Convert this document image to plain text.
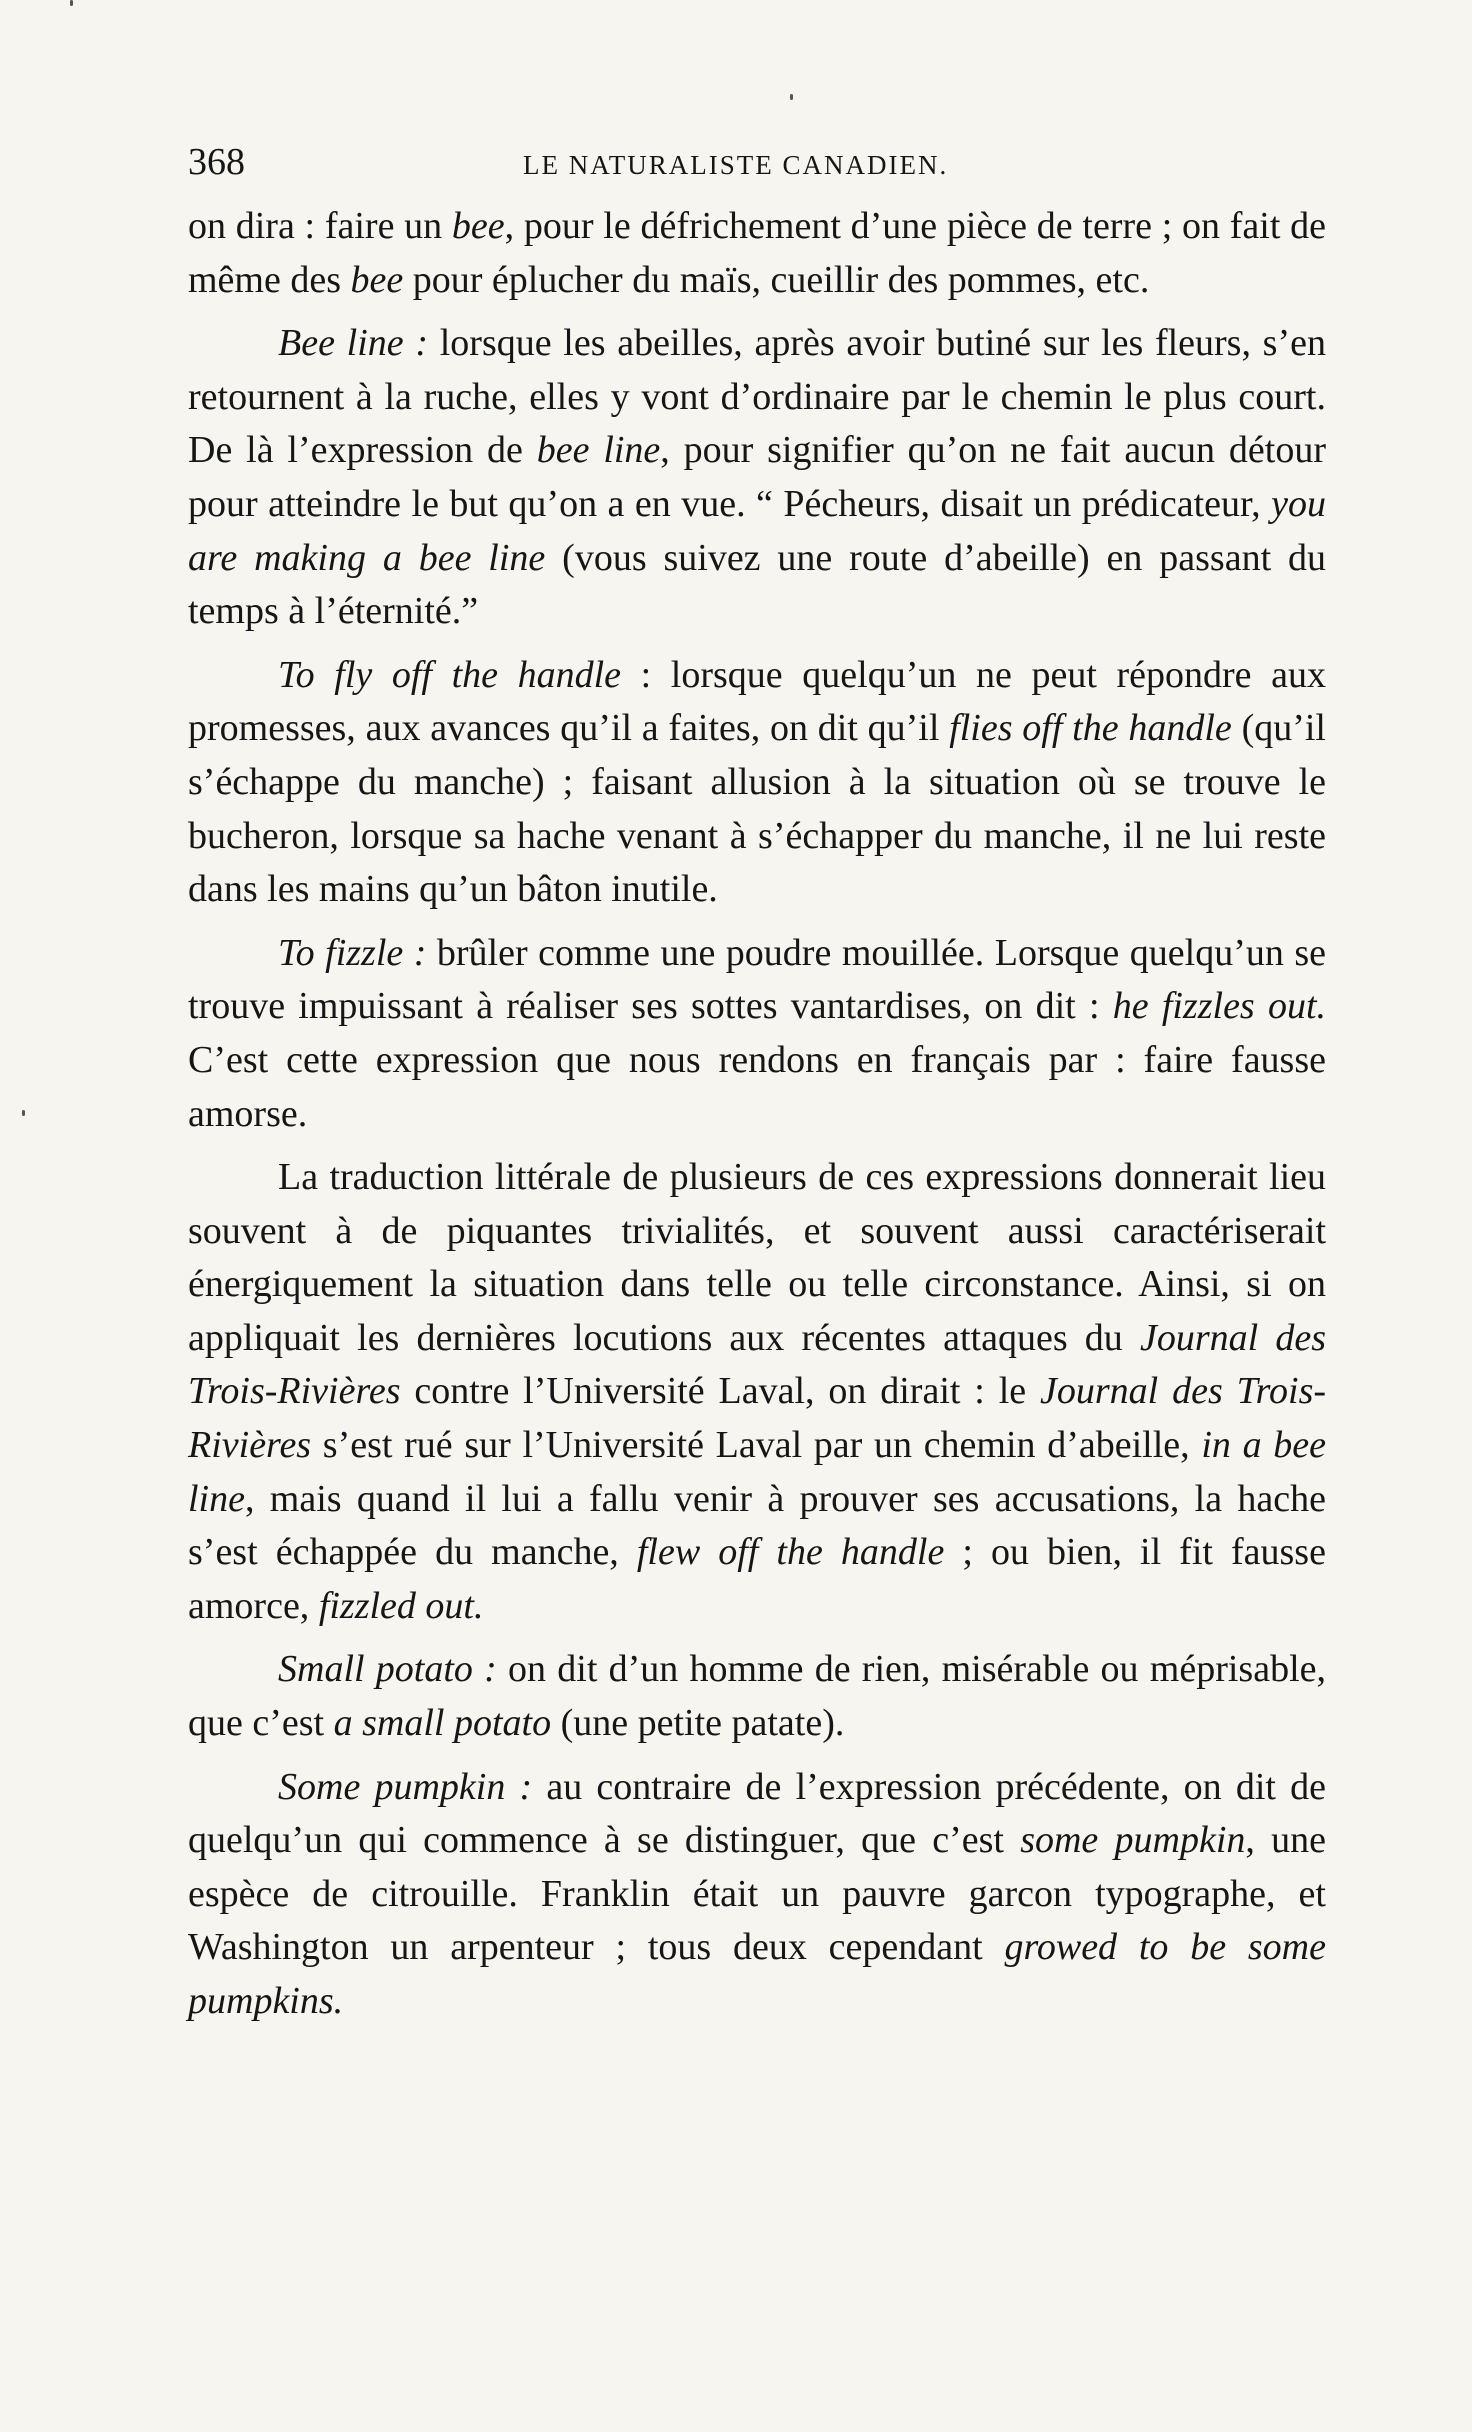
368	LE NATURALISTE CANADIEN.

on dira : faire un bee, pour le défrichement d’une pièce de terre ; on fait de même des bee pour éplucher du maïs, cueillir des pommes, etc.

Bee line : lorsque les abeilles, après avoir butiné sur les fleurs, s’en retournent à la ruche, elles y vont d’ordinaire par le chemin le plus court. De là l’expression de bee line, pour signifier qu’on ne fait aucun détour pour atteindre le but qu’on a en vue. “ Pécheurs, disait un prédicateur, you are making a bee line (vous suivez une route d’abeille) en passant du temps à l’éternité.”

To fly off the handle : lorsque quelqu’un ne peut répondre aux promesses, aux avances qu’il a faites, on dit qu’il flies off the handle (qu’il s’échappe du manche) ; faisant allusion à la situation où se trouve le bucheron, lorsque sa hache venant à s’échapper du manche, il ne lui reste dans les mains qu’un bâton inutile.

To fizzle : brûler comme une poudre mouillée. Lorsque quelqu’un se trouve impuissant à réaliser ses sottes vantardises, on dit : he fizzles out. C’est cette expression que nous rendons en français par : faire fausse amorse.

La traduction littérale de plusieurs de ces expressions donnerait lieu souvent à de piquantes trivialités, et souvent aussi caractériserait énergiquement la situation dans telle ou telle circonstance. Ainsi, si on appliquait les dernières locutions aux récentes attaques du Journal des Trois-Rivières contre l’Université Laval, on dirait : le Journal des Trois-Rivières s’est rué sur l’Université Laval par un chemin d’abeille, in a bee line, mais quand il lui a fallu venir à prouver ses accusations, la hache s’est échappée du manche, flew off the handle ; ou bien, il fit fausse amorce, fizzled out.

Small potato : on dit d’un homme de rien, misérable ou méprisable, que c’est a small potato (une petite patate).

Some pumpkin : au contraire de l’expression précédente, on dit de quelqu’un qui commence à se distinguer, que c’est some pumpkin, une espèce de citrouille. Franklin était un pauvre garcon typographe, et Washington un arpenteur ; tous deux cependant growed to be some pumpkins.
